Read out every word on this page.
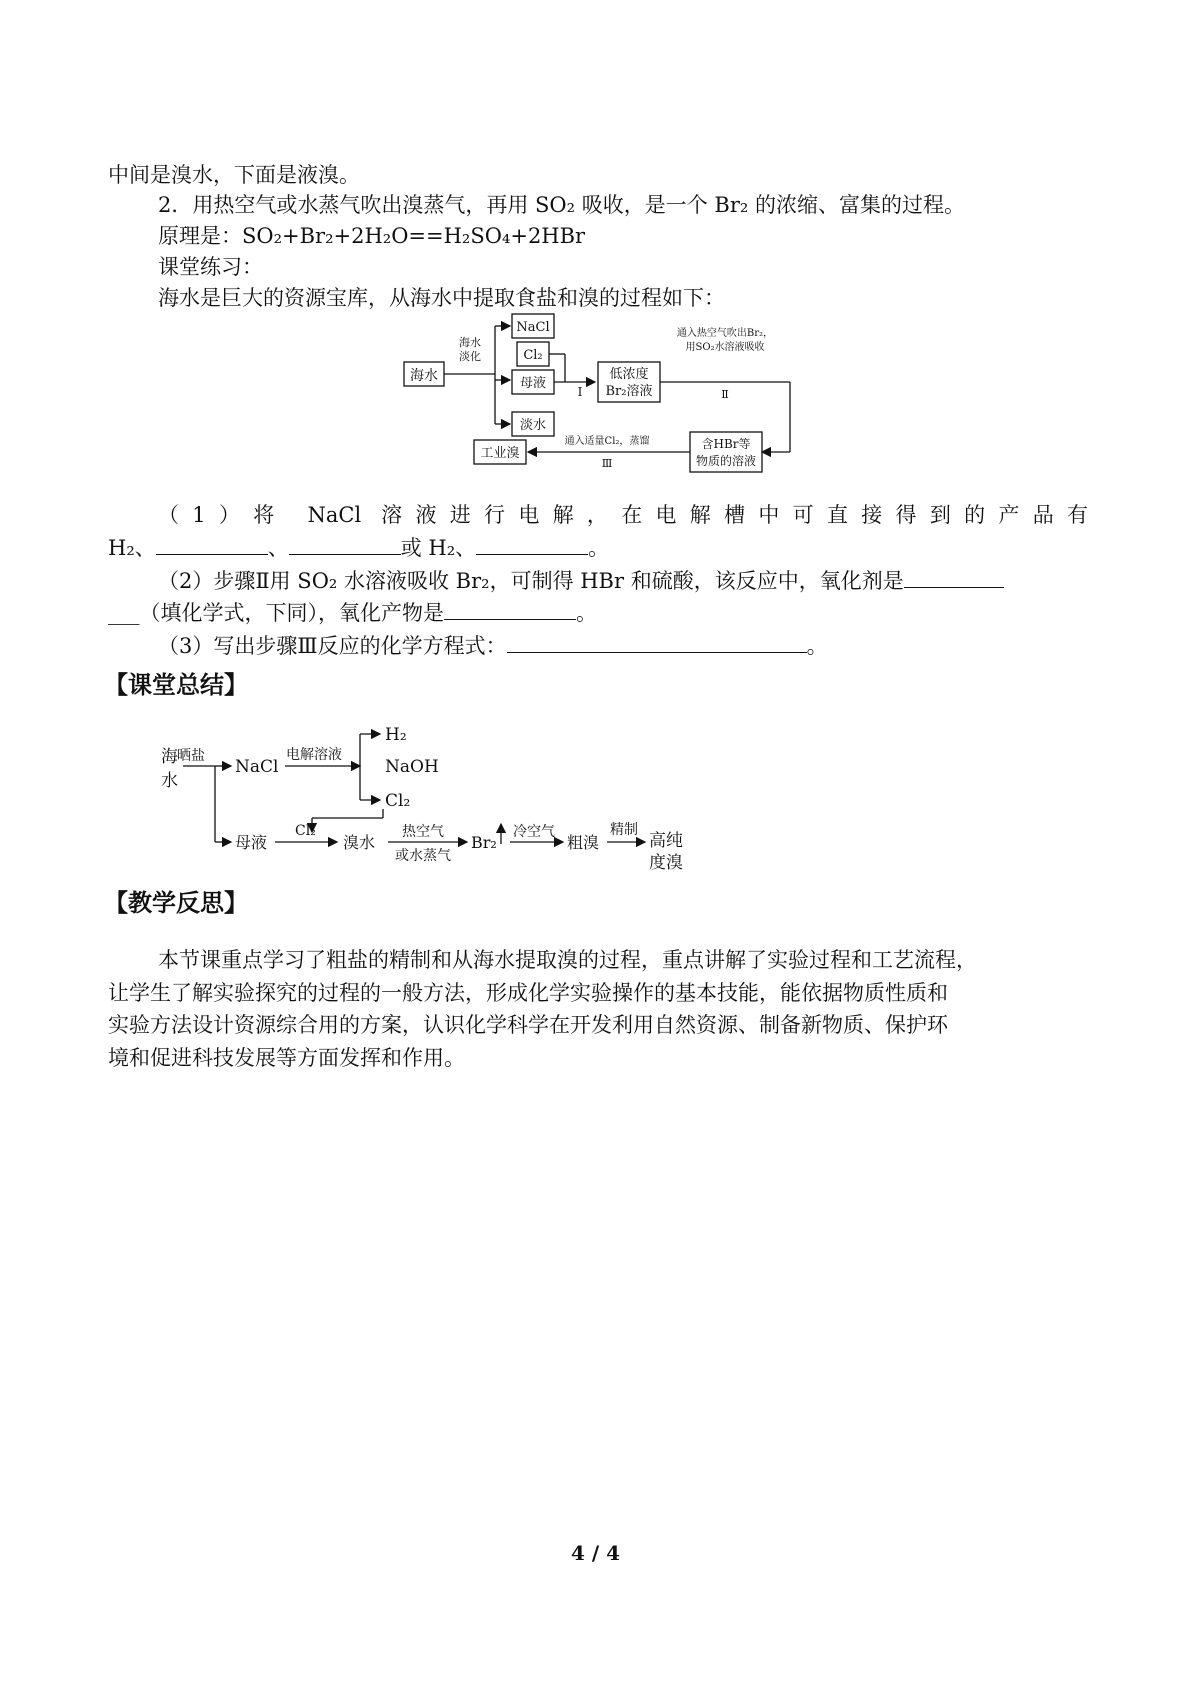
中间是溴水，下面是液溴。
2．用热空气或水蒸气吹出溴蒸气，再用 SO₂ 吸收，是一个 Br₂ 的浓缩、富集的过程。
原理是：SO₂+Br₂+2H₂O==H₂SO₄+2HBr
课堂练习：
海水是巨大的资源宝库，从海水中提取食盐和溴的过程如下：
海水
海水
淡化
NaCl
Cl₂
母液
淡水
Ⅰ
低浓度
Br₂溶液
通入热空气吹出Br₂，
用SO₂水溶液吸收
Ⅱ
含HBr等
物质的溶液
通入适量Cl₂，蒸馏
Ⅲ
工业溴
（1）将 NaCl 溶液进行电解，在电解槽中可直接得到的产品有
H₂、	、	或 H₂、	。
（2）步骤Ⅱ用 SO₂ 水溶液吸收 Br₂，可制得 HBr 和硫酸，该反应中，氧化剂是
___（填化学式，下同），氧化产物是	。
（3）写出步骤Ⅲ反应的化学方程式：	。
【课堂总结】
海
水
晒盐
NaCl
电解溶液
H₂
NaOH
Cl₂
母液
Cl₂
溴水
热空气
或水蒸气
Br₂
冷空气
粗溴
精制
高纯
度溴
【教学反思】
本节课重点学习了粗盐的精制和从海水提取溴的过程，重点讲解了实验过程和工艺流程，
让学生了解实验探究的过程的一般方法，形成化学实验操作的基本技能，能依据物质性质和
实验方法设计资源综合用的方案，认识化学科学在开发利用自然资源、制备新物质、保护环
境和促进科技发展等方面发挥和作用。
4 / 4
